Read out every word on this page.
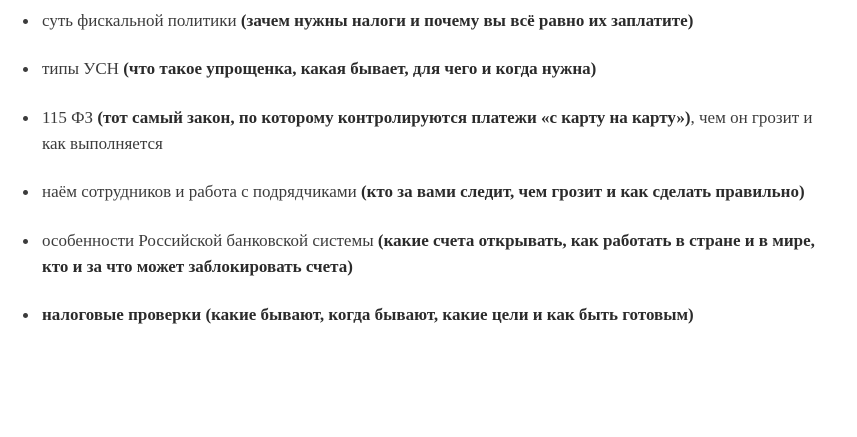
суть фискальной политики (зачем нужны налоги и почему вы всё равно их заплатите)
типы УСН (что такое упрощенка, какая бывает, для чего и когда нужна)
115 ФЗ (тот самый закон, по которому контролируются платежи «с карту на карту»), чем он грозит и как выполняется
наём сотрудников и работа с подрядчиками (кто за вами следит, чем грозит и как сделать правильно)
особенности Российской банковской системы (какие счета открывать, как работать в стране и в мире, кто и за что может заблокировать счета)
налоговые проверки (какие бывают, когда бывают, какие цели и как быть готовым)
